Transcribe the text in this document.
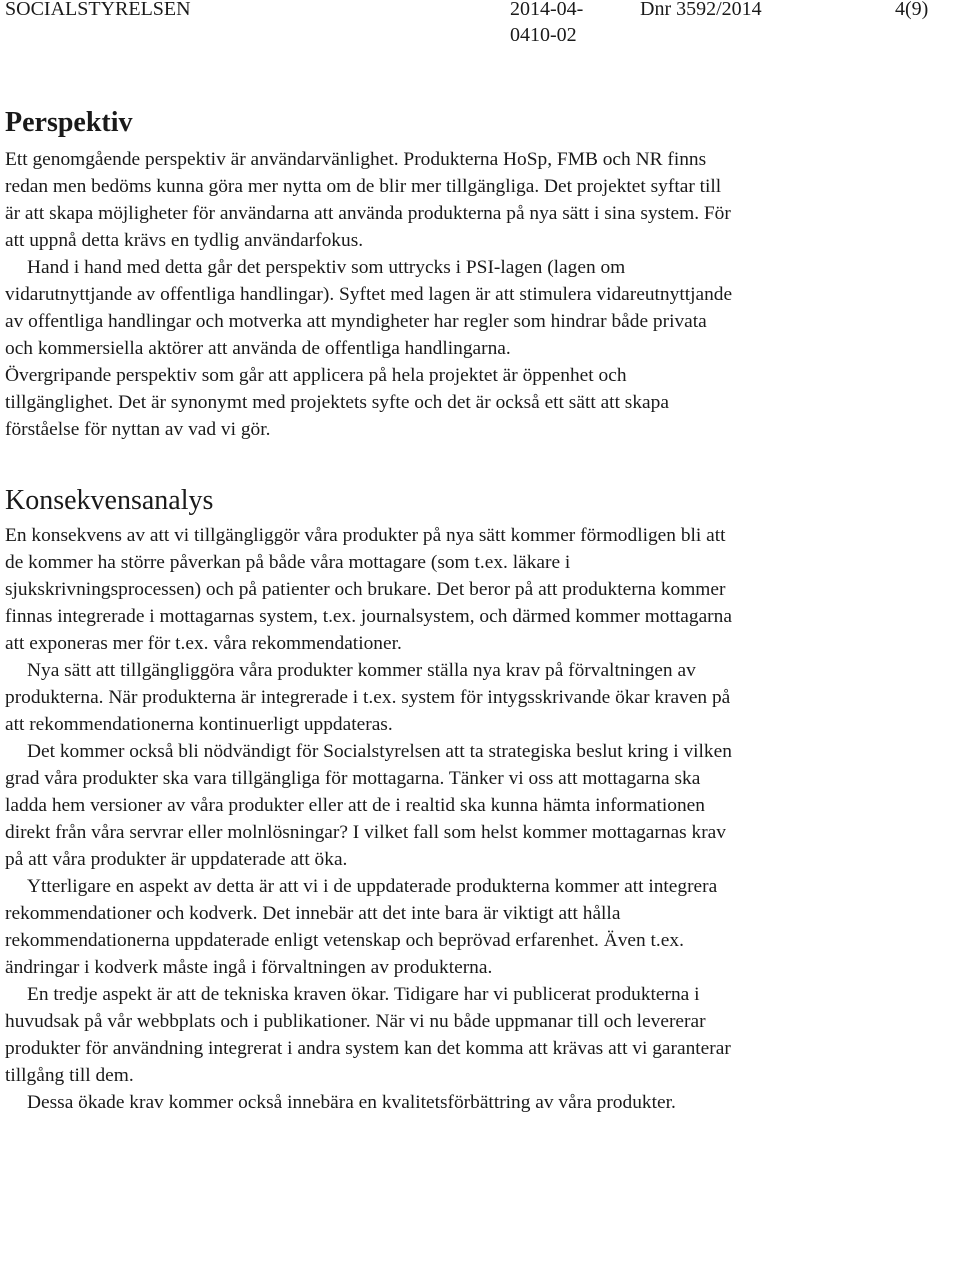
SOCIALSTYRELSEN	2014-04-0410-02
Dnr 3592/2014	4(9)
Perspektiv

Ett genomgående perspektiv är användarvänlighet. Produkterna HoSp, FMB och NR finns redan men bedöms kunna göra mer nytta om de blir mer tillgängliga. Det projektet syftar till är att skapa möjligheter för användarna att använda produkterna på nya sätt i sina system. För att uppnå detta krävs en tydlig användarfokus.

Hand i hand med detta går det perspektiv som uttrycks i PSI-lagen (lagen om vidarutnyttjande av offentliga handlingar). Syftet med lagen är att stimulera vidareutnyttjande av offentliga handlingar och motverka att myndigheter har regler som hindrar både privata och kommersiella aktörer att använda de offentliga handlingarna.

Övergripande perspektiv som går att applicera på hela projektet är öppenhet och tillgänglighet. Det är synonymt med projektets syfte och det är också ett sätt att skapa förståelse för nyttan av vad vi gör.

Konsekvensanalys

En konsekvens av att vi tillgängliggör våra produkter på nya sätt kommer förmodligen bli att de kommer ha större påverkan på både våra mottagare (som t.ex. läkare i sjukskrivningsprocessen) och på patienter och brukare. Det beror på att produkterna kommer finnas integrerade i mottagarnas system, t.ex. journalsystem, och därmed kommer mottagarna att exponeras mer för t.ex. våra rekommendationer.

Nya sätt att tillgängliggöra våra produkter kommer ställa nya krav på förvaltningen av produkterna. När produkterna är integrerade i t.ex. system för intygsskrivande ökar kraven på att rekommendationerna kontinuerligt uppdateras.

Det kommer också bli nödvändigt för Socialstyrelsen att ta strategiska beslut kring i vilken grad våra produkter ska vara tillgängliga för mottagarna. Tänker vi oss att mottagarna ska ladda hem versioner av våra produkter eller att de i realtid ska kunna hämta informationen direkt från våra servrar eller molnlösningar? I vilket fall som helst kommer mottagarnas krav på att våra produkter är uppdaterade att öka.

Ytterligare en aspekt av detta är att vi i de uppdaterade produkterna kommer att integrera rekommendationer och kodverk. Det innebär att det inte bara är viktigt att hålla rekommendationerna uppdaterade enligt vetenskap och beprövad erfarenhet. Även t.ex. ändringar i kodverk måste ingå i förvaltningen av produkterna.

En tredje aspekt är att de tekniska kraven ökar. Tidigare har vi publicerat produkterna i huvudsak på vår webbplats och i publikationer. När vi nu både uppmanar till och levererar produkter för användning integrerat i andra system kan det komma att krävas att vi garanterar tillgång till dem.

Dessa ökade krav kommer också innebära en kvalitetsförbättring av våra produkter.
